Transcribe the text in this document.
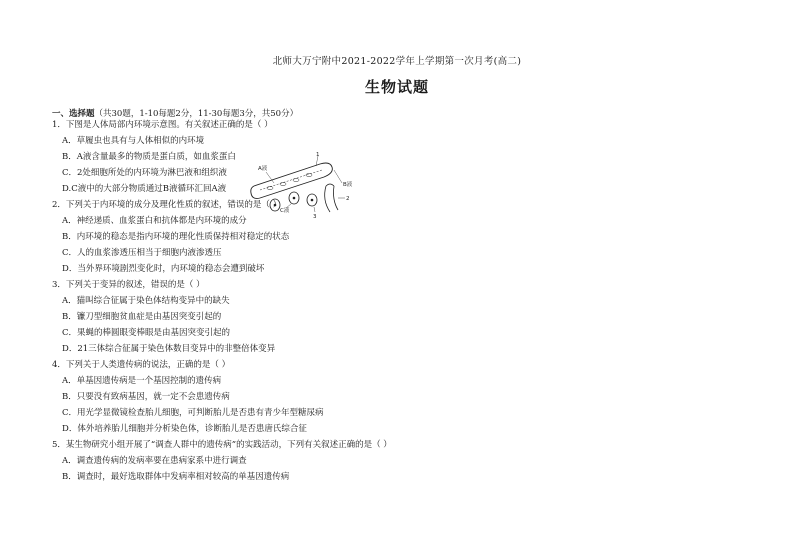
北师大万宁附中2021-2022学年上学期第一次月考(高二)
生物试题
一、选择题（共30题，1-10每题2分，11-30每题3分，共50分）
1．下图是人体局部内环境示意图。有关叙述正确的是（ ）
A．草履虫也具有与人体相似的内环境
B．A液含量最多的物质是蛋白质，如血浆蛋白
C．2处细胞所处的内环境为淋巴液和组织液
D.C液中的大部分物质通过B液循环汇回A液
A液
1
B液
2
C液
3
2．下列关于内环境的成分及理化性质的叙述，错误的是（ ）
A．神经递质、血浆蛋白和抗体都是内环境的成分
B．内环境的稳态是指内环境的理化性质保持相对稳定的状态
C．人的血浆渗透压相当于细胞内液渗透压
D．当外界环境剧烈变化时，内环境的稳态会遭到破坏
3．下列关于变异的叙述，错误的是（ ）
A．猫叫综合征属于染色体结构变异中的缺失
B．镰刀型细胞贫血症是由基因突变引起的
C．果蝇的棒圆眼变棒眼是由基因突变引起的
D．21三体综合征属于染色体数目变异中的非整倍体变异
4．下列关于人类遗传病的说法，正确的是（ ）
A．单基因遗传病是一个基因控制的遗传病
B．只要没有致病基因，就一定不会患遗传病
C．用光学显微镜检查胎儿细胞，可判断胎儿是否患有青少年型糖尿病
D．体外培养胎儿细胞并分析染色体，诊断胎儿是否患唐氏综合征
5．某生物研究小组开展了“调查人群中的遗传病”的实践活动，下列有关叙述正确的是（ ）
A．调查遗传病的发病率要在患病家系中进行调查
B．调查时，最好选取群体中发病率相对较高的单基因遗传病
